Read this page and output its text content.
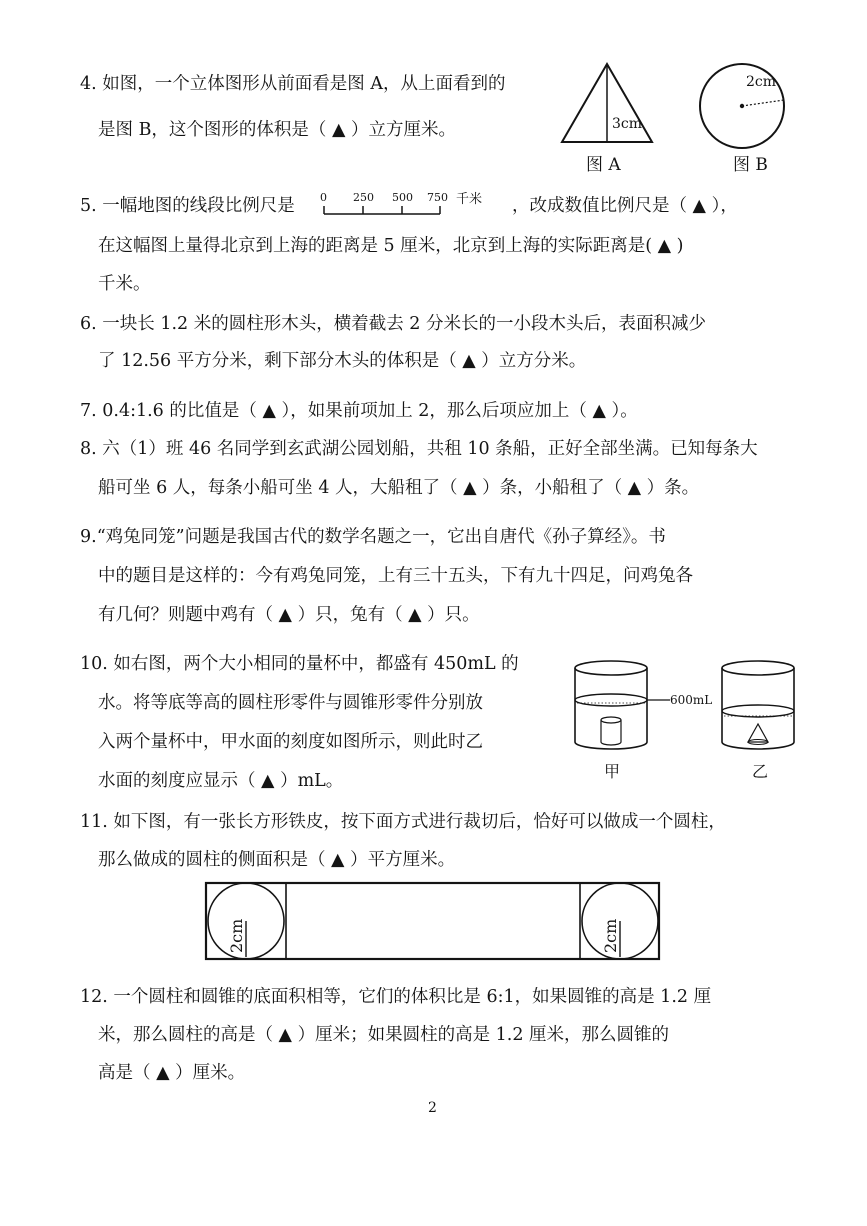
4. 如图，一个立体图形从前面看是图 A，从上面看到的
是图 B，这个图形的体积是（ ▲ ）立方厘米。	3cm
图 A
2cm
图 B
5. 一幅地图的线段比例尺是 0 250 500 750 千米 ，改成数值比例尺是（ ▲ ），
在这幅图上量得北京到上海的距离是 5 厘米，北京到上海的实际距离是( ▲ )
千米。
6. 一块长 1.2 米的圆柱形木头，横着截去 2 分米长的一小段木头后，表面积减少
了 12.56 平方分米，剩下部分木头的体积是（ ▲ ）立方分米。
7. 0.4:1.6 的比值是（ ▲ ），如果前项加上 2，那么后项应加上（ ▲ ）。
8. 六（1）班 46 名同学到玄武湖公园划船，共租 10 条船，正好全部坐满。已知每条大
船可坐 6 人，每条小船可坐 4 人，大船租了（ ▲ ）条，小船租了（ ▲ ）条。
9.“鸡兔同笼”问题是我国古代的数学名题之一，它出自唐代《孙子算经》。书
中的题目是这样的：今有鸡兔同笼，上有三十五头，下有九十四足，问鸡兔各
有几何？则题中鸡有（ ▲ ）只，兔有（ ▲ ）只。
10. 如右图，两个大小相同的量杯中，都盛有 450mL 的
水。将等底等高的圆柱形零件与圆锥形零件分别放
入两个量杯中，甲水面的刻度如图所示，则此时乙
水面的刻度应显示（ ▲ ）mL。
600mL
甲	乙
11. 如下图，有一张长方形铁皮，按下面方式进行裁切后，恰好可以做成一个圆柱，
那么做成的圆柱的侧面积是（ ▲ ）平方厘米。
2cm	2cm
12. 一个圆柱和圆锥的底面积相等，它们的体积比是 6:1，如果圆锥的高是 1.2 厘
米，那么圆柱的高是（ ▲ ）厘米；如果圆柱的高是 1.2 厘米，那么圆锥的
高是（ ▲ ）厘米。
2
